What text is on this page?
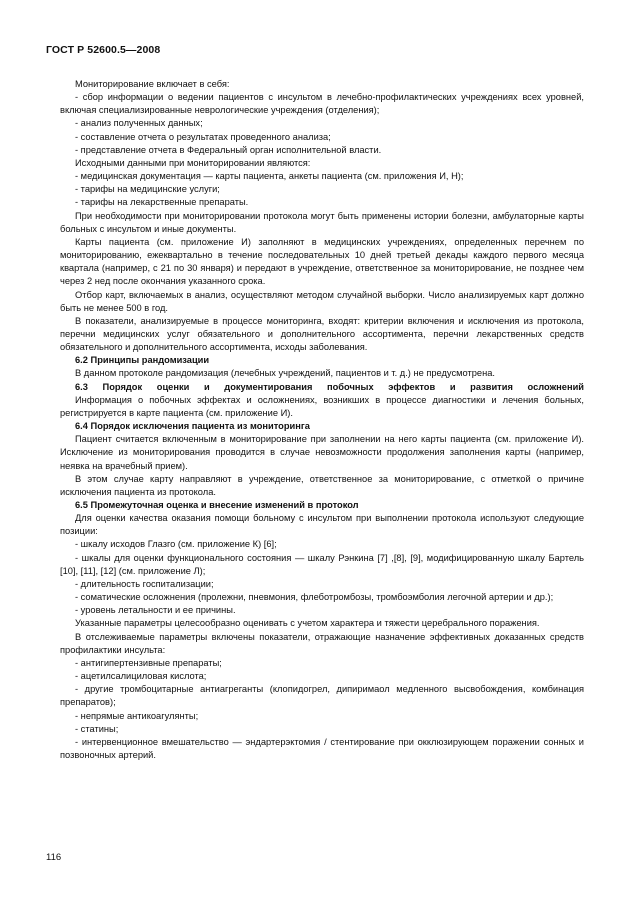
ГОСТ Р 52600.5—2008

Мониторирование включает в себя:

- сбор информации о ведении пациентов с инсультом в лечебно-профилактических учреждениях всех уровней, включая специализированные неврологические учреждения (отделения);

- анализ полученных данных;

- составление отчета о результатах проведенного анализа;

- представление отчета в Федеральный орган исполнительной власти.

Исходными данными при мониторировании являются:

- медицинская документация — карты пациента, анкеты пациента (см. приложения И, Н);

- тарифы на медицинские услуги;

- тарифы на лекарственные препараты.

При необходимости при мониторировании протокола могут быть применены истории болезни, амбулаторные карты больных с инсультом и иные документы.

Карты пациента (см. приложение И) заполняют в медицинских учреждениях, определенных перечнем по мониторированию, ежеквартально в течение последовательных 10 дней третьей декады каждого первого месяца квартала (например, с 21 по 30 января) и передают в учреждение, ответственное за мониторирование, не позднее чем через 2 нед после окончания указанного срока.

Отбор карт, включаемых в анализ, осуществляют методом случайной выборки. Число анализируемых карт должно быть не менее 500 в год.

В показатели, анализируемые в процессе мониторинга, входят: критерии включения и исключения из протокола, перечни медицинских услуг обязательного и дополнительного ассортимента, перечни лекарственных средств обязательного и дополнительного ассортимента, исходы заболевания.

6.2 Принципы рандомизации

В данном протоколе рандомизация (лечебных учреждений, пациентов и т. д.) не предусмотрена.

6.3 Порядок оценки и документирования побочных эффектов и развития осложнений

Информация о побочных эффектах и осложнениях, возникших в процессе диагностики и лечения больных, регистрируется в карте пациента (см. приложение И).

6.4 Порядок исключения пациента из мониторинга

Пациент считается включенным в мониторирование при заполнении на него карты пациента (см. приложение И). Исключение из мониторирования проводится в случае невозможности продолжения заполнения карты (например, неявка на врачебный прием).

В этом случае карту направляют в учреждение, ответственное за мониторирование, с отметкой о причине исключения пациента из протокола.

6.5 Промежуточная оценка и внесение изменений в протокол

Для оценки качества оказания помощи больному с инсультом при выполнении протокола используют следующие позиции:

- шкалу исходов Глазго (см. приложение К) [6];

- шкалы для оценки функционального состояния — шкалу Рэнкина [7] ,[8], [9], модифицированную шкалу Бартель [10], [11], [12] (см. приложение Л);

- длительность госпитализации;

- соматические осложнения (пролежни, пневмония, флеботромбозы, тромбоэмболия легочной артерии и др.);

- уровень летальности и ее причины.

Указанные параметры целесообразно оценивать с учетом характера и тяжести церебрального поражения.

В отслеживаемые параметры включены показатели, отражающие назначение эффективных доказанных средств профилактики инсульта:

- антигипертензивные препараты;

- ацетилсалициловая кислота;

- другие тромбоцитарные антиагреганты (клопидогрел, дипиримаол медленного высвобождения, комбинация препаратов);

- непрямые антикоагулянты;

- статины;

- интервенционное вмешательство — эндартерэктомия / стентирование при окклюзирующем поражении сонных и позвоночных артерий.

116
